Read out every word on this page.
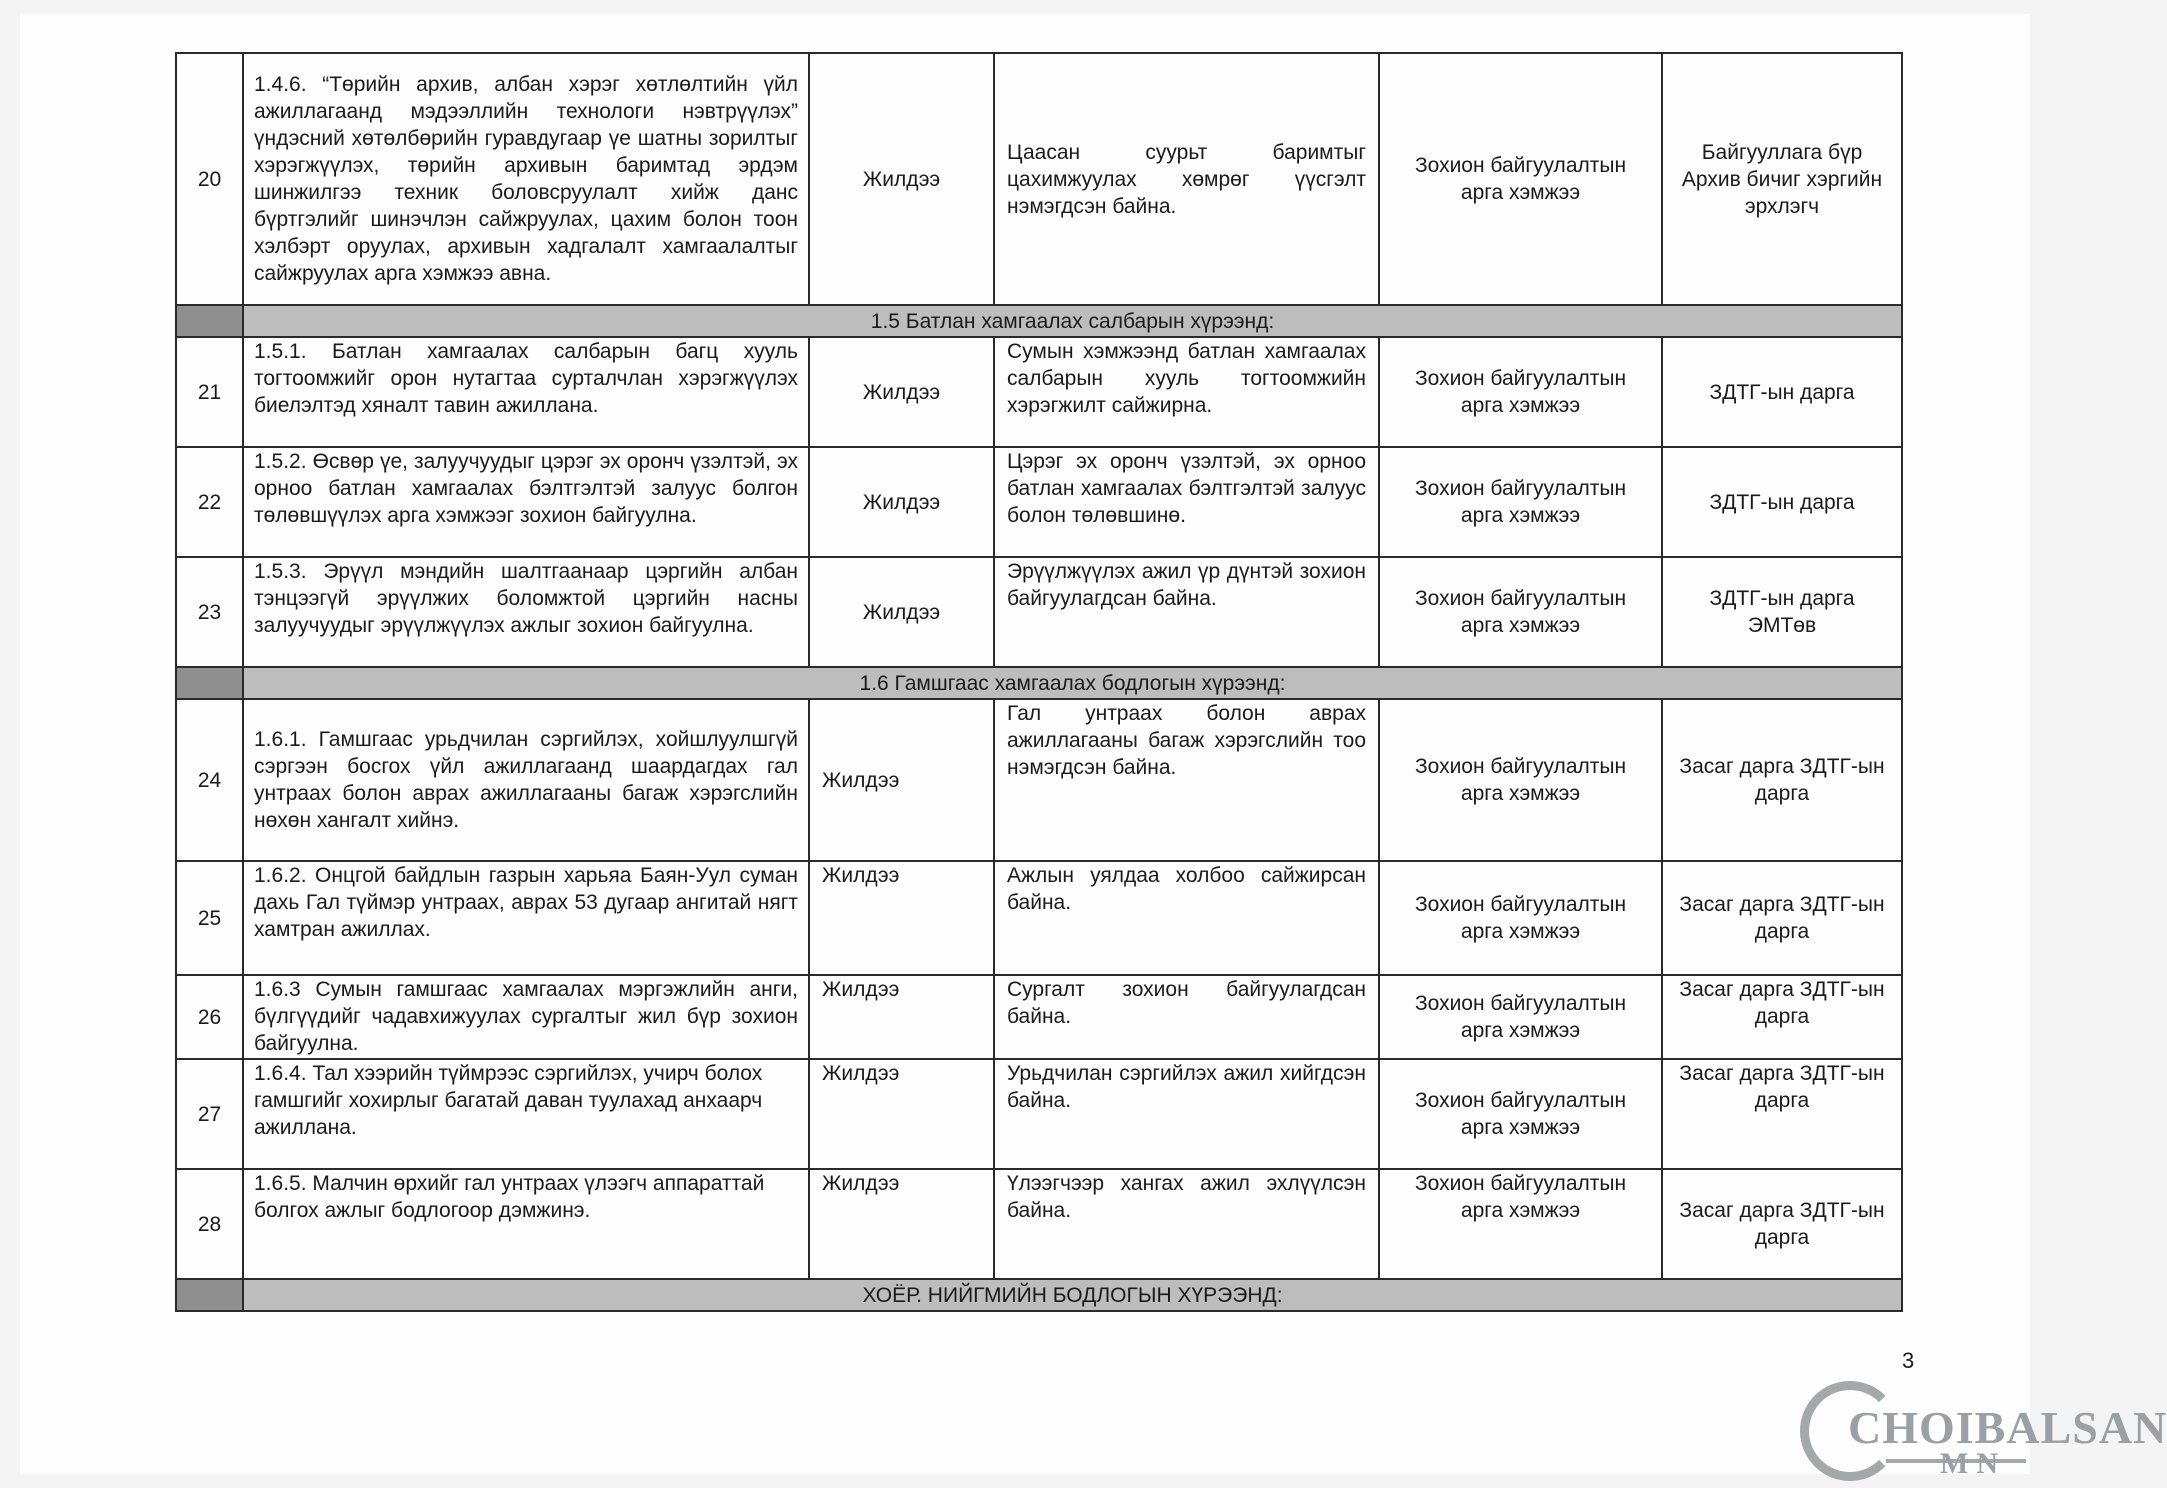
20	1.4.6. “Төрийн архив, албан хэрэг хөтлөлтийн үйл ажиллагаанд мэдээллийн технологи нэвтрүүлэх” үндэсний хөтөлбөрийн гуравдугаар үе шатны зорилтыг хэрэгжүүлэх, төрийн архивын баримтад эрдэм шинжилгээ техник боловсруулалт хийж данс бүртгэлийг шинэчлэн сайжруулах, цахим болон тоон хэлбэрт оруулах, архивын хадгалалт хамгаалалтыг сайжруулах арга хэмжээ авна.	Жилдээ	Цаасан суурьт баримтыг цахимжуулах хөмрөг үүсгэлт нэмэгдсэн байна.	Зохион байгуулалтын арга хэмжээ	Байгууллага бүр Архив бичиг хэргийн эрхлэгч
	1.5 Батлан хамгаалах салбарын хүрээнд:				
21	1.5.1. Батлан хамгаалах салбарын багц хууль тогтоомжийг орон нутагтаа сурталчлан хэрэгжүүлэх биелэлтэд хяналт тавин ажиллана.	Жилдээ	Сумын хэмжээнд батлан хамгаалах салбарын хууль тогтоомжийн хэрэгжилт сайжирна.	Зохион байгуулалтын арга хэмжээ	ЗДТГ-ын дарга
22	1.5.2. Өсвөр үе, залуучуудыг цэрэг эх оронч үзэлтэй, эх орноо батлан хамгаалах бэлтгэлтэй залуус болгон төлөвшүүлэх арга хэмжээг зохион байгуулна.	Жилдээ	Цэрэг эх оронч үзэлтэй, эх орноо батлан хамгаалах бэлтгэлтэй залуус болон төлөвшинө.	Зохион байгуулалтын арга хэмжээ	ЗДТГ-ын дарга
23	1.5.3. Эрүүл мэндийн шалтгаанаар цэргийн албан тэнцээгүй эрүүлжих боломжтой цэргийн насны залуучуудыг эрүүлжүүлэх ажлыг зохион байгуулна.	Жилдээ	Эрүүлжүүлэх ажил үр дүнтэй зохион байгуулагдсан байна.	Зохион байгуулалтын арга хэмжээ	ЗДТГ-ын дарга ЭМТөв
	1.6 Гамшгаас хамгаалах бодлогын хүрээнд:				
24	1.6.1. Гамшгаас урьдчилан сэргийлэх, хойшлуулшгүй сэргээн босгох үйл ажиллагаанд шаардагдах гал унтраах болон аврах ажиллагааны багаж хэрэгслийн нөхөн хангалт хийнэ.	Жилдээ	Гал унтраах болон аврах ажиллагааны багаж хэрэгслийн тоо нэмэгдсэн байна.	Зохион байгуулалтын арга хэмжээ	Засаг дарга ЗДТГ-ын дарга
25	1.6.2. Онцгой байдлын газрын харьяа Баян-Уул суман дахь Гал түймэр унтраах, аврах 53 дугаар ангитай нягт хамтран ажиллах.	Жилдээ	Ажлын уялдаа холбоо сайжирсан байна.	Зохион байгуулалтын арга хэмжээ	Засаг дарга ЗДТГ-ын дарга
26	1.6.3 Сумын гамшгаас хамгаалах мэргэжлийн анги, бүлгүүдийг чадавхижуулах сургалтыг жил бүр зохион байгуулна.	Жилдээ	Сургалт зохион байгуулагдсан байна.	Зохион байгуулалтын арга хэмжээ	Засаг дарга ЗДТГ-ын дарга
27	1.6.4. Тал хээрийн түймрээс сэргийлэх, учирч болох гамшгийг хохирлыг багатай даван туулахад анхаарч ажиллана.	Жилдээ	Урьдчилан сэргийлэх ажил хийгдсэн байна.	Зохион байгуулалтын арга хэмжээ	Засаг дарга ЗДТГ-ын дарга
28	1.6.5. Малчин өрхийг гал унтраах үлээгч аппараттай болгох ажлыг бодлогоор дэмжинэ.	Жилдээ	Үлээгчээр хангах ажил эхлүүлсэн байна.	Зохион байгуулалтын арга хэмжээ	Засаг дарга ЗДТГ-ын дарга
	ХОЁР. НИЙГМИЙН БОДЛОГЫН ХҮРЭЭНД:				
3
CHOIBALSAN
MN
